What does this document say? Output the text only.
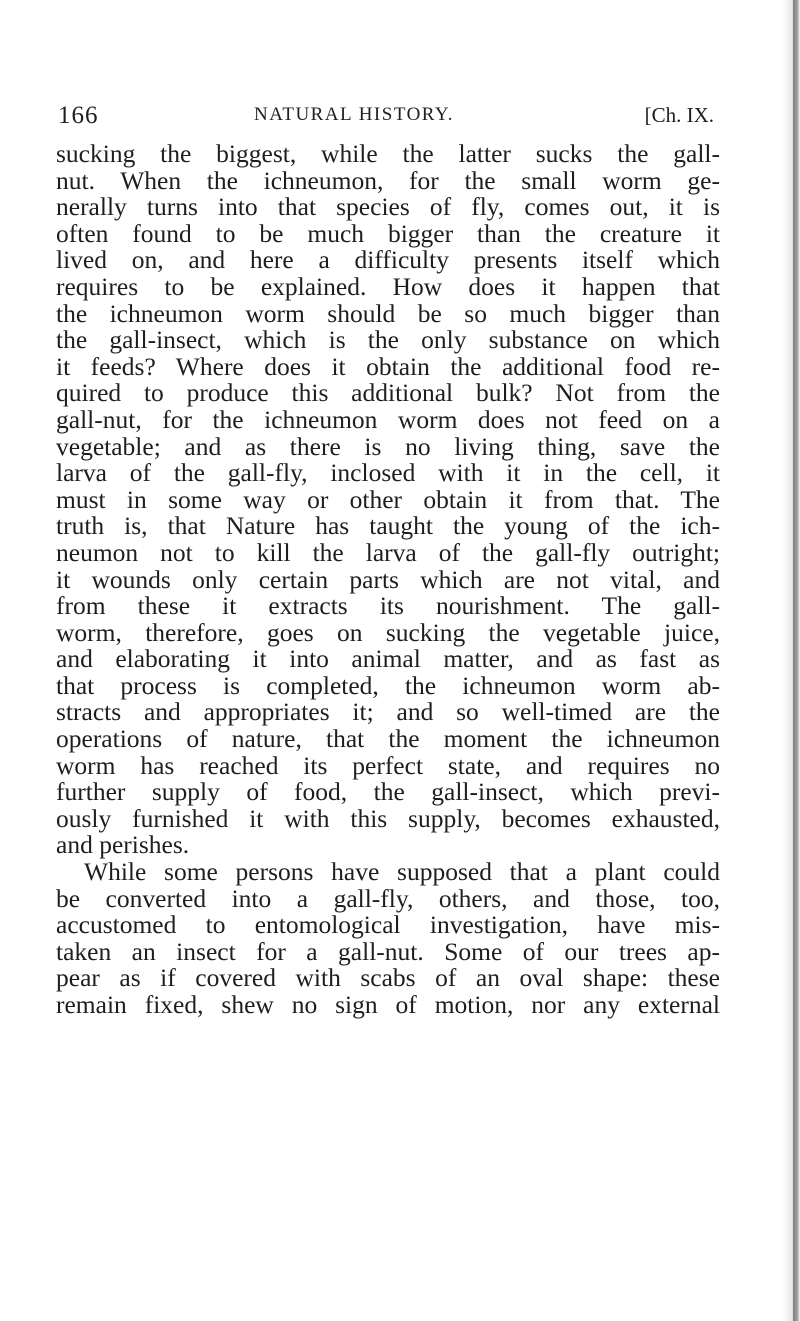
166	NATURAL HISTORY.	[Ch. IX.
sucking the biggest, while the latter sucks the gall-
nut. When the ichneumon, for the small worm ge-
nerally turns into that species of fly, comes out, it is
often found to be much bigger than the creature it
lived on, and here a difficulty presents itself which
requires to be explained. How does it happen that
the ichneumon worm should be so much bigger than
the gall-insect, which is the only substance on which
it feeds? Where does it obtain the additional food re-
quired to produce this additional bulk? Not from the
gall-nut, for the ichneumon worm does not feed on a
vegetable; and as there is no living thing, save the
larva of the gall-fly, inclosed with it in the cell, it
must in some way or other obtain it from that. The
truth is, that Nature has taught the young of the ich-
neumon not to kill the larva of the gall-fly outright;
it wounds only certain parts which are not vital, and
from these it extracts its nourishment. The gall-
worm, therefore, goes on sucking the vegetable juice,
and elaborating it into animal matter, and as fast as
that process is completed, the ichneumon worm ab-
stracts and appropriates it; and so well-timed are the
operations of nature, that the moment the ichneumon
worm has reached its perfect state, and requires no
further supply of food, the gall-insect, which previ-
ously furnished it with this supply, becomes exhausted,
and perishes.
While some persons have supposed that a plant could
be converted into a gall-fly, others, and those, too,
accustomed to entomological investigation, have mis-
taken an insect for a gall-nut. Some of our trees ap-
pear as if covered with scabs of an oval shape: these
remain fixed, shew no sign of motion, nor any external
